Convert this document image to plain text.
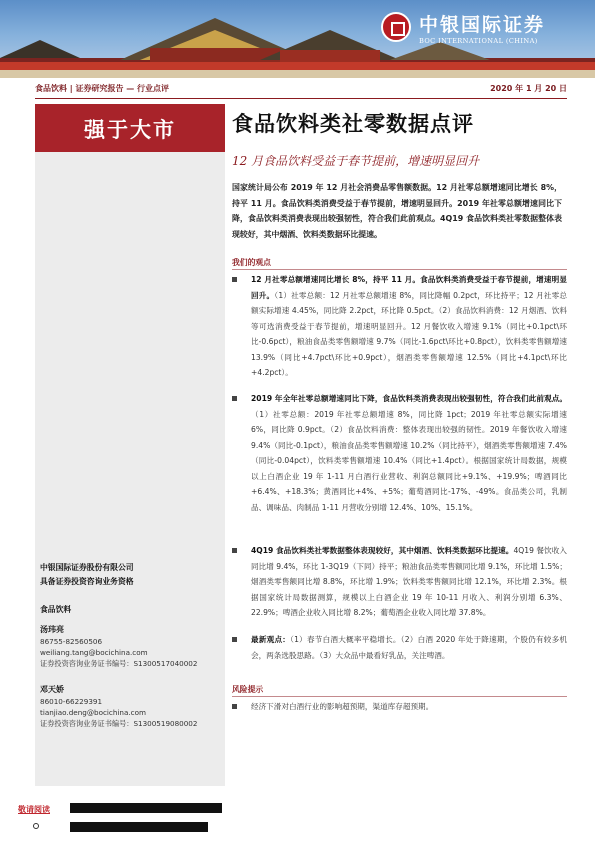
中银国际证券
BOC INTERNATIONAL (CHINA)
食品饮料 | 证券研究报告 — 行业点评	2020 年 1 月 20 日
强于大市
中银国际证券股份有限公司
具备证券投资咨询业务资格
食品饮料
汤玮亮
86755-82560506
weiliang.tang@bocichina.com
证券投资咨询业务证书编号：S1300517040002
邓天娇
86010-66229391
tianjiao.deng@bocichina.com
证券投资咨询业务证书编号：S1300519080002
食品饮料类社零数据点评
12 月食品饮料受益于春节提前，增速明显回升
国家统计局公布 2019 年 12 月社会消费品零售额数据。12 月社零总额增速同比增长 8%，持平 11 月。食品饮料类消费受益于春节提前，增速明显回升。2019 年社零总额增速同比下降，食品饮料类消费表现出较强韧性，符合我们此前观点。4Q19 食品饮料类社零数据整体表现较好，其中烟酒、饮料类数据环比提速。
我们的观点
12 月社零总额增速同比增长 8%，持平 11 月。食品饮料类消费受益于春节提前，增速明显回升。（1）社零总额：12 月社零总额增速 8%，同比降幅 0.2pct，环比持平；12 月社零总额实际增速 4.45%，同比降 2.2pct，环比降 0.5pct。（2）食品饮料消费：12 月烟酒、饮料等可选消费受益于春节提前，增速明显回升。12 月餐饮收入增速 9.1%（同比+0.1pct\环比-0.6pct），粮油食品类零售额增速 9.7%（同比-1.6pct\环比+0.8pct），饮料类零售额增速 13.9%（同比+4.7pct\环比+0.9pct），烟酒类零售额增速 12.5%（同比+4.1pct\环比+4.2pct）。
2019 年全年社零总额增速同比下降，食品饮料类消费表现出较强韧性，符合我们此前观点。（1）社零总额：2019 年社零总额增速 8%，同比降 1pct；2019 年社零总额实际增速 6%，同比降 0.9pct。（2）食品饮料消费：整体表现出较强的韧性。2019 年餐饮收入增速 9.4%（同比-0.1pct），粮油食品类零售额增速 10.2%（同比持平），烟酒类零售额增速 7.4%（同比-0.04pct），饮料类零售额增速 10.4%（同比+1.4pct）。根据国家统计局数据，规模以上白酒企业 19 年 1-11 月白酒行业营收、利润总额同比+9.1%、+19.9%；啤酒同比+6.4%、+18.3%；黄酒同比+4%、+5%；葡萄酒同比-17%、-49%。食品类公司，乳制品、调味品、肉制品 1-11 月营收分别增 12.4%、10%、15.1%。
4Q19 食品饮料类社零数据整体表现较好，其中烟酒、饮料类数据环比提速。4Q19 餐饮收入同比增 9.4%，环比 1-3Q19（下同）持平；粮油食品类零售额同比增 9.1%，环比增 1.5%；烟酒类零售额同比增 8.8%，环比增 1.9%；饮料类零售额同比增 12.1%，环比增 2.3%。根据国家统计局数据测算，规模以上白酒企业 19 年 10-11 月收入、利润分别增 6.3%、22.9%；啤酒企业收入同比增 8.2%；葡萄酒企业收入同比增 37.8%。
最新观点：（1）春节白酒大概率平稳增长。（2）白酒 2020 年处于降速期，个股仍有较多机会，两条选股思路。（3）大众品中最看好乳品，关注啤酒。
风险提示
经济下滑对白酒行业的影响超预期，渠道库存超预期。
敬请阅读
